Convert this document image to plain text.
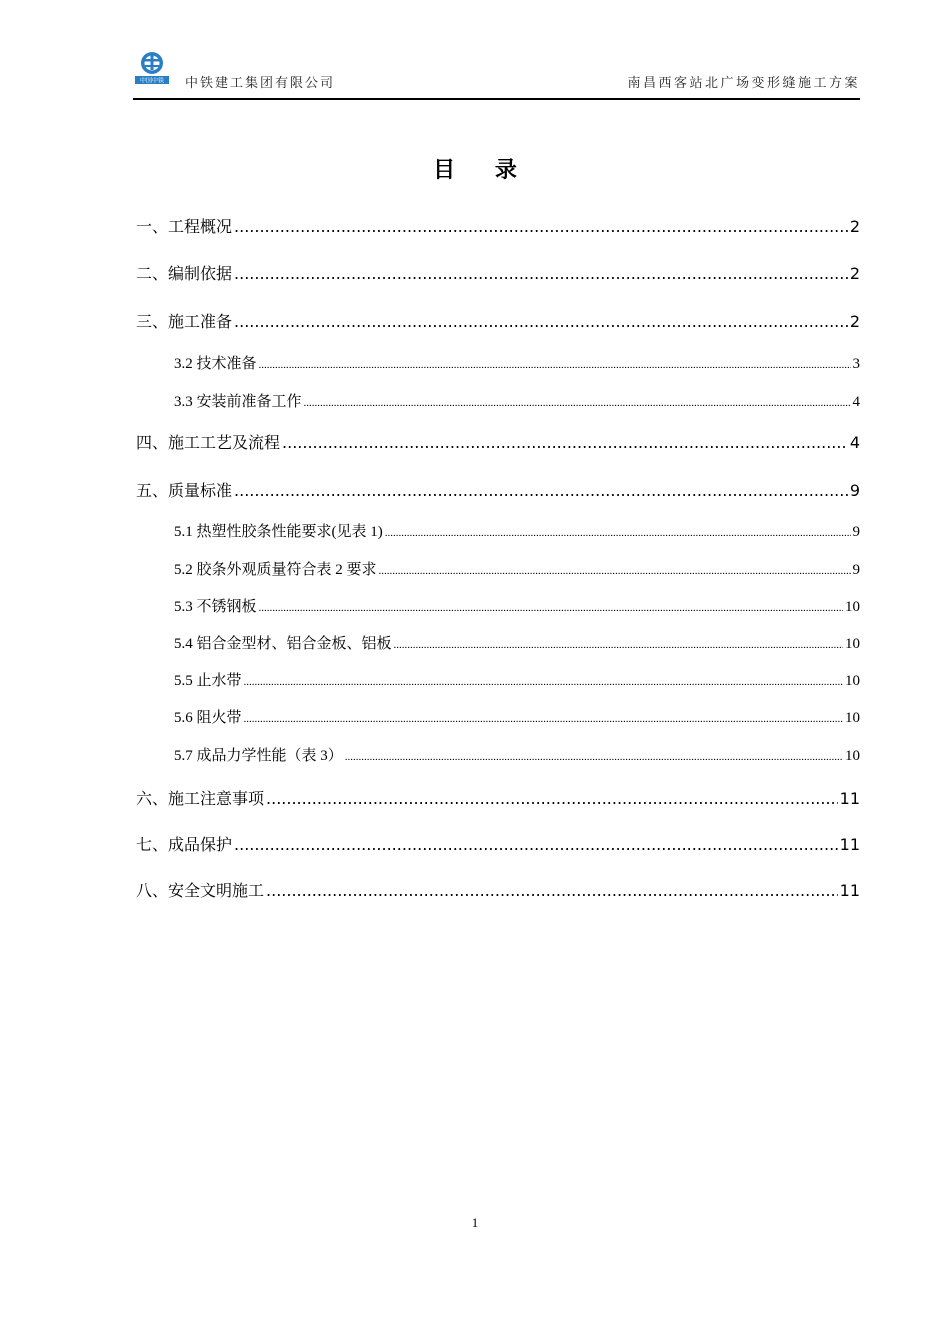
中国中铁 中铁建工集团有限公司	南昌西客站北广场变形缝施工方案
目 录
一、工程概况 .....	2
二、编制依据 .....	2
三、施工准备 .....	2
3.2 技术准备 .....	3
3.3 安装前准备工作 .....	4
四、施工工艺及流程 .....	4
五、质量标准 .....	9
5.1 热塑性胶条性能要求(见表 1) .....	9
5.2 胶条外观质量符合表 2 要求 .....	9
5.3 不锈钢板 .....	10
5.4 铝合金型材、铝合金板、铝板 .....	10
5.5 止水带 .....	10
5.6 阻火带 .....	10
5.7 成品力学性能（表 3） .....	10
六、施工注意事项 .....	11
七、成品保护 .....	11
八、安全文明施工 .....	11
1
